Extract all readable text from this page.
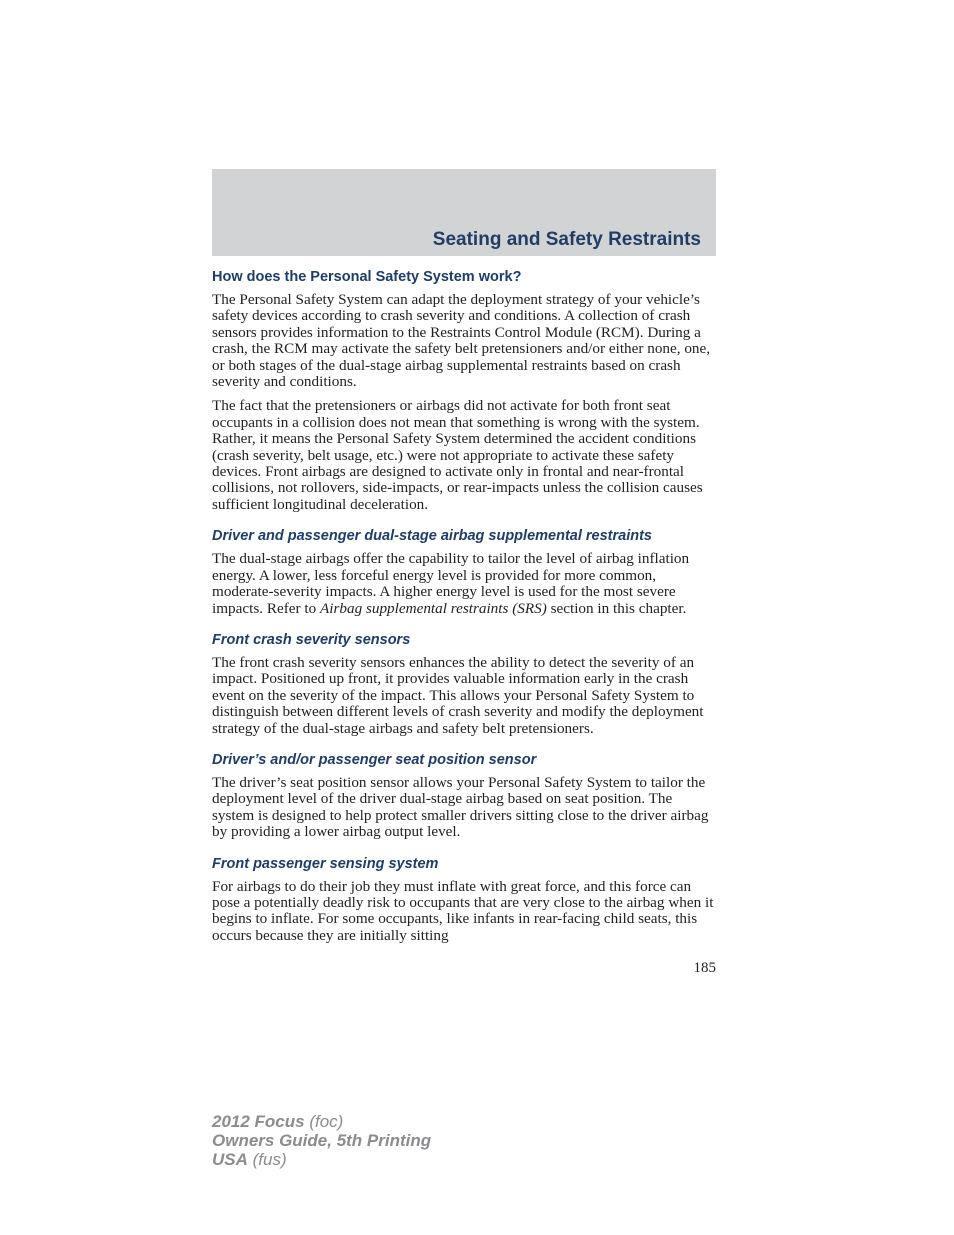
Seating and Safety Restraints
How does the Personal Safety System work?

The Personal Safety System can adapt the deployment strategy of your vehicle’s safety devices according to crash severity and conditions. A collection of crash sensors provides information to the Restraints Control Module (RCM). During a crash, the RCM may activate the safety belt pretensioners and/or either none, one, or both stages of the dual-stage airbag supplemental restraints based on crash severity and conditions.

The fact that the pretensioners or airbags did not activate for both front seat occupants in a collision does not mean that something is wrong with the system. Rather, it means the Personal Safety System determined the accident conditions (crash severity, belt usage, etc.) were not appropriate to activate these safety devices. Front airbags are designed to activate only in frontal and near-frontal collisions, not rollovers, side-impacts, or rear-impacts unless the collision causes sufficient longitudinal deceleration.

Driver and passenger dual-stage airbag supplemental restraints

The dual-stage airbags offer the capability to tailor the level of airbag inflation energy. A lower, less forceful energy level is provided for more common, moderate-severity impacts. A higher energy level is used for the most severe impacts. Refer to Airbag supplemental restraints (SRS) section in this chapter.

Front crash severity sensors

The front crash severity sensors enhances the ability to detect the severity of an impact. Positioned up front, it provides valuable information early in the crash event on the severity of the impact. This allows your Personal Safety System to distinguish between different levels of crash severity and modify the deployment strategy of the dual-stage airbags and safety belt pretensioners.

Driver’s and/or passenger seat position sensor

The driver’s seat position sensor allows your Personal Safety System to tailor the deployment level of the driver dual-stage airbag based on seat position. The system is designed to help protect smaller drivers sitting close to the driver airbag by providing a lower airbag output level.

Front passenger sensing system

For airbags to do their job they must inflate with great force, and this force can pose a potentially deadly risk to occupants that are very close to the airbag when it begins to inflate. For some occupants, like infants in rear-facing child seats, this occurs because they are initially sitting

185
2012 Focus (foc)
Owners Guide, 5th Printing
USA (fus)
